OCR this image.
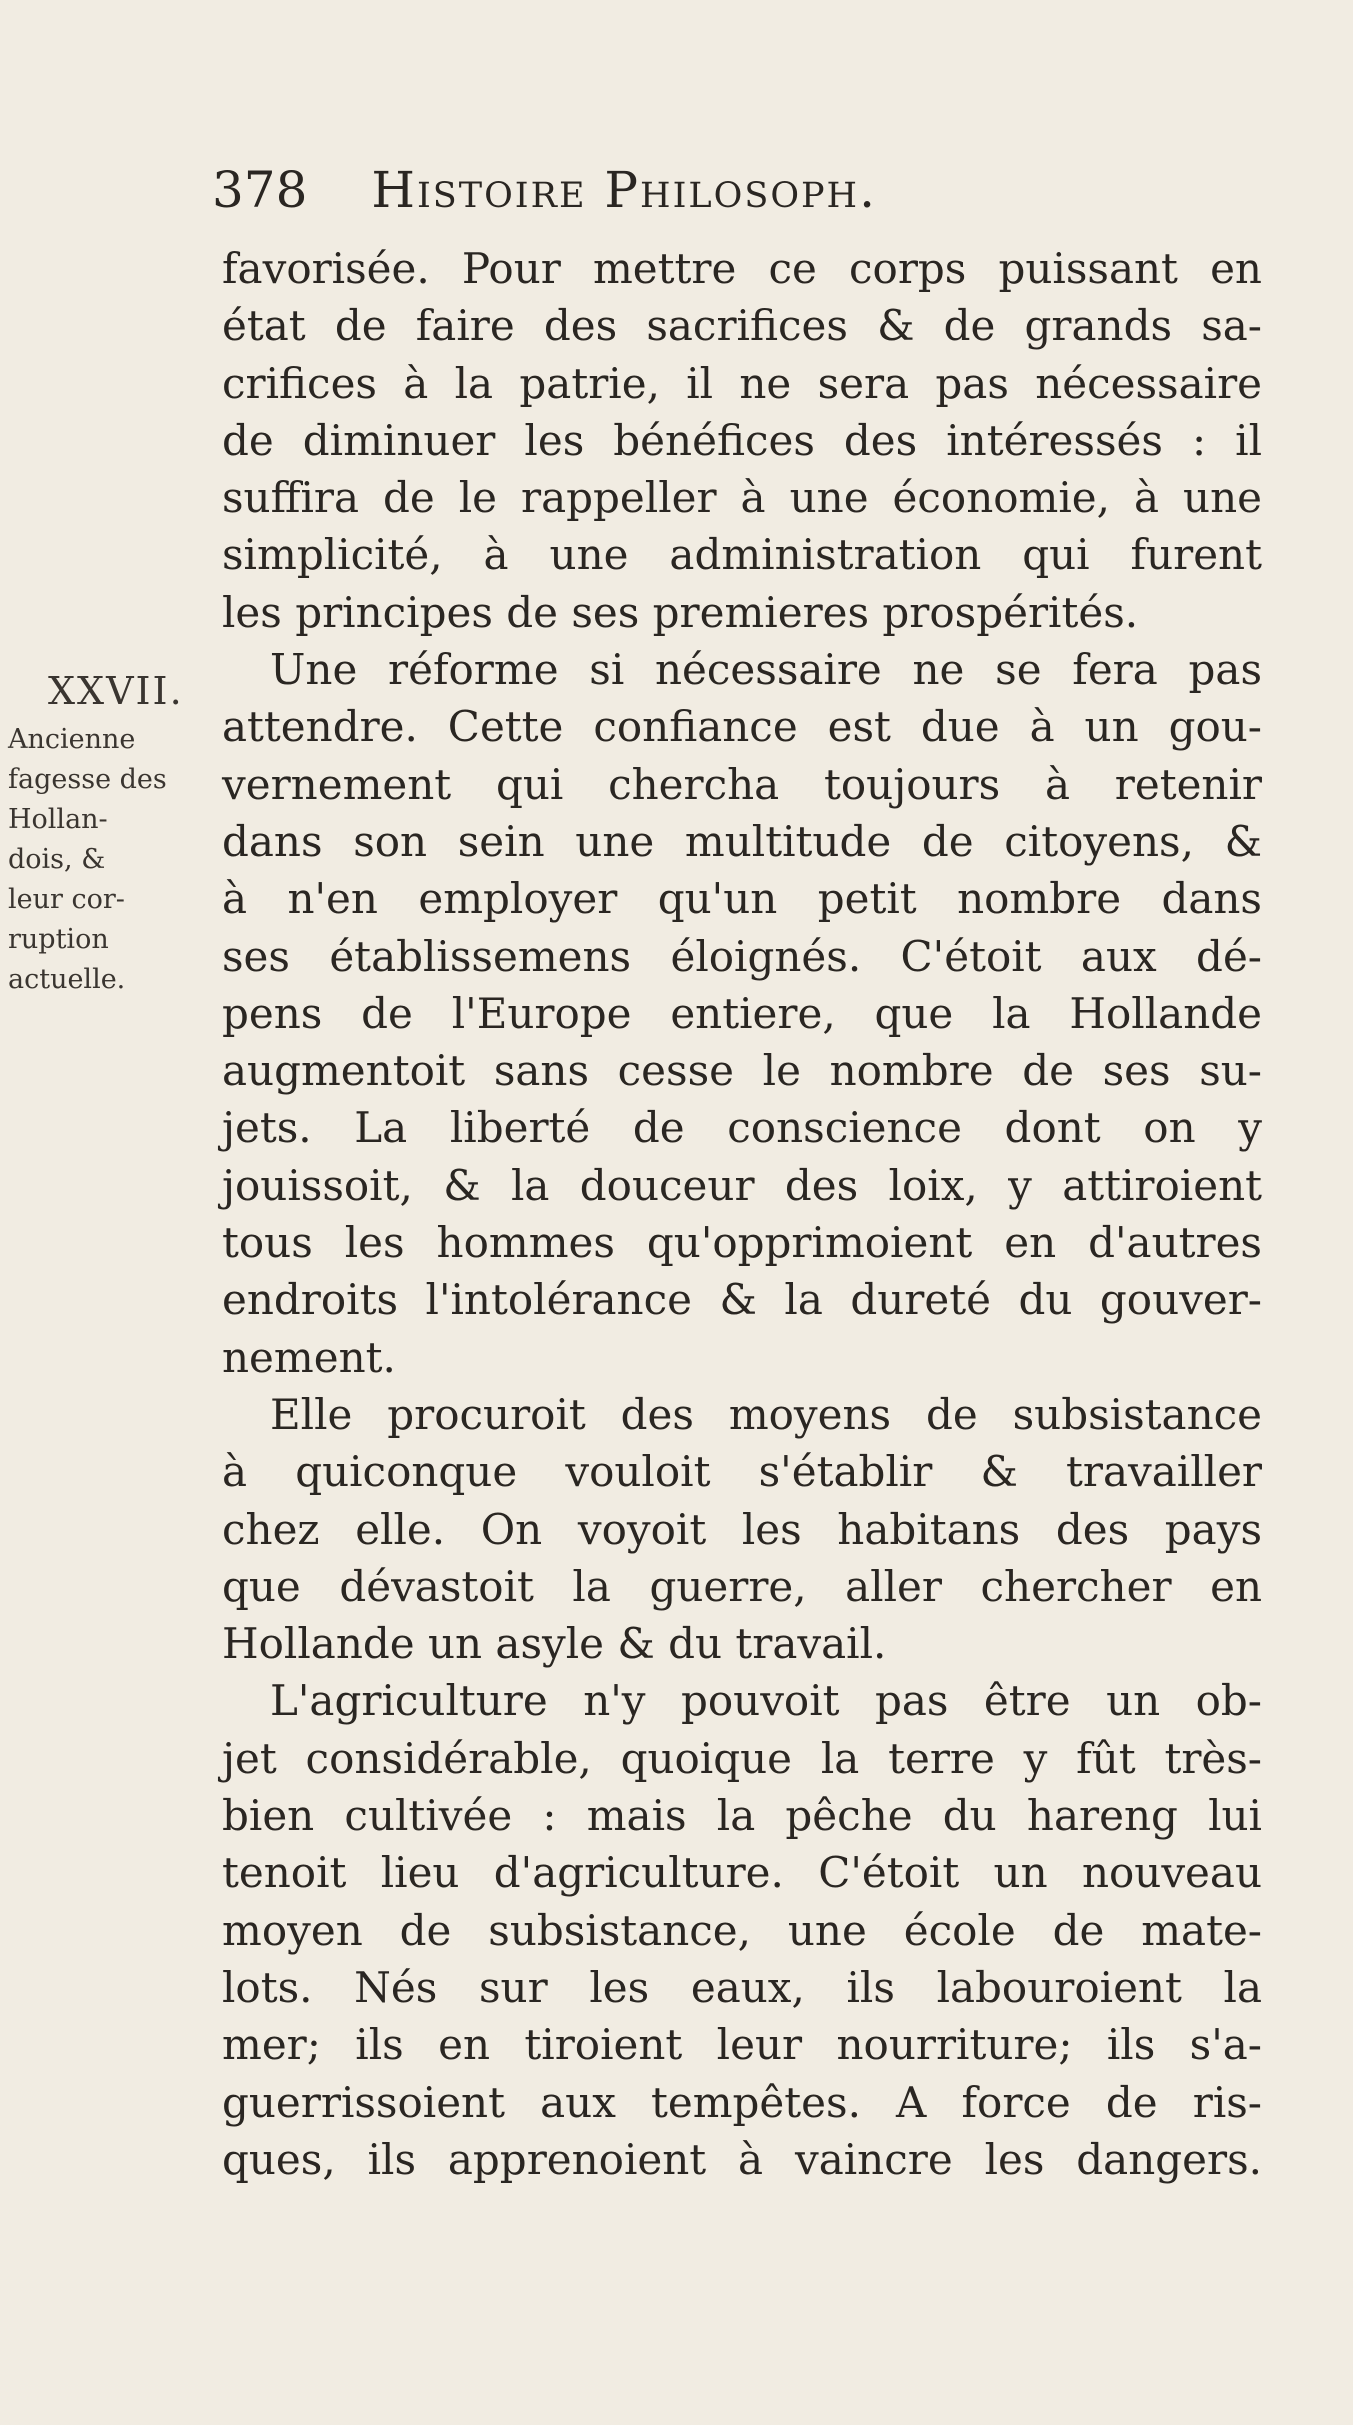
378 Histoire Philosoph.
XXVII.
Ancienne
fagesse des
Hollan-
dois, &
leur cor-
ruption
actuelle.
favorisée. Pour mettre ce corps puissant en
état de faire des sacrifices & de grands sa-
crifices à la patrie, il ne sera pas nécessaire
de diminuer les bénéfices des intéressés : il
suffira de le rappeller à une économie, à une
simplicité, à une administration qui furent
les principes de ses premieres prospérités.
Une réforme si nécessaire ne se fera pas
attendre. Cette confiance est due à un gou-
vernement qui chercha toujours à retenir
dans son sein une multitude de citoyens, &
à n'en employer qu'un petit nombre dans
ses établissemens éloignés. C'étoit aux dé-
pens de l'Europe entiere, que la Hollande
augmentoit sans cesse le nombre de ses su-
jets. La liberté de conscience dont on y
jouissoit, & la douceur des loix, y attiroient
tous les hommes qu'opprimoient en d'autres
endroits l'intolérance & la dureté du gouver-
nement.
Elle procuroit des moyens de subsistance
à quiconque vouloit s'établir & travailler
chez elle. On voyoit les habitans des pays
que dévastoit la guerre, aller chercher en
Hollande un asyle & du travail.
L'agriculture n'y pouvoit pas être un ob-
jet considérable, quoique la terre y fût très-
bien cultivée : mais la pêche du hareng lui
tenoit lieu d'agriculture. C'étoit un nouveau
moyen de subsistance, une école de mate-
lots. Nés sur les eaux, ils labouroient la
mer; ils en tiroient leur nourriture; ils s'a-
guerrissoient aux tempêtes. A force de ris-
ques, ils apprenoient à vaincre les dangers.
